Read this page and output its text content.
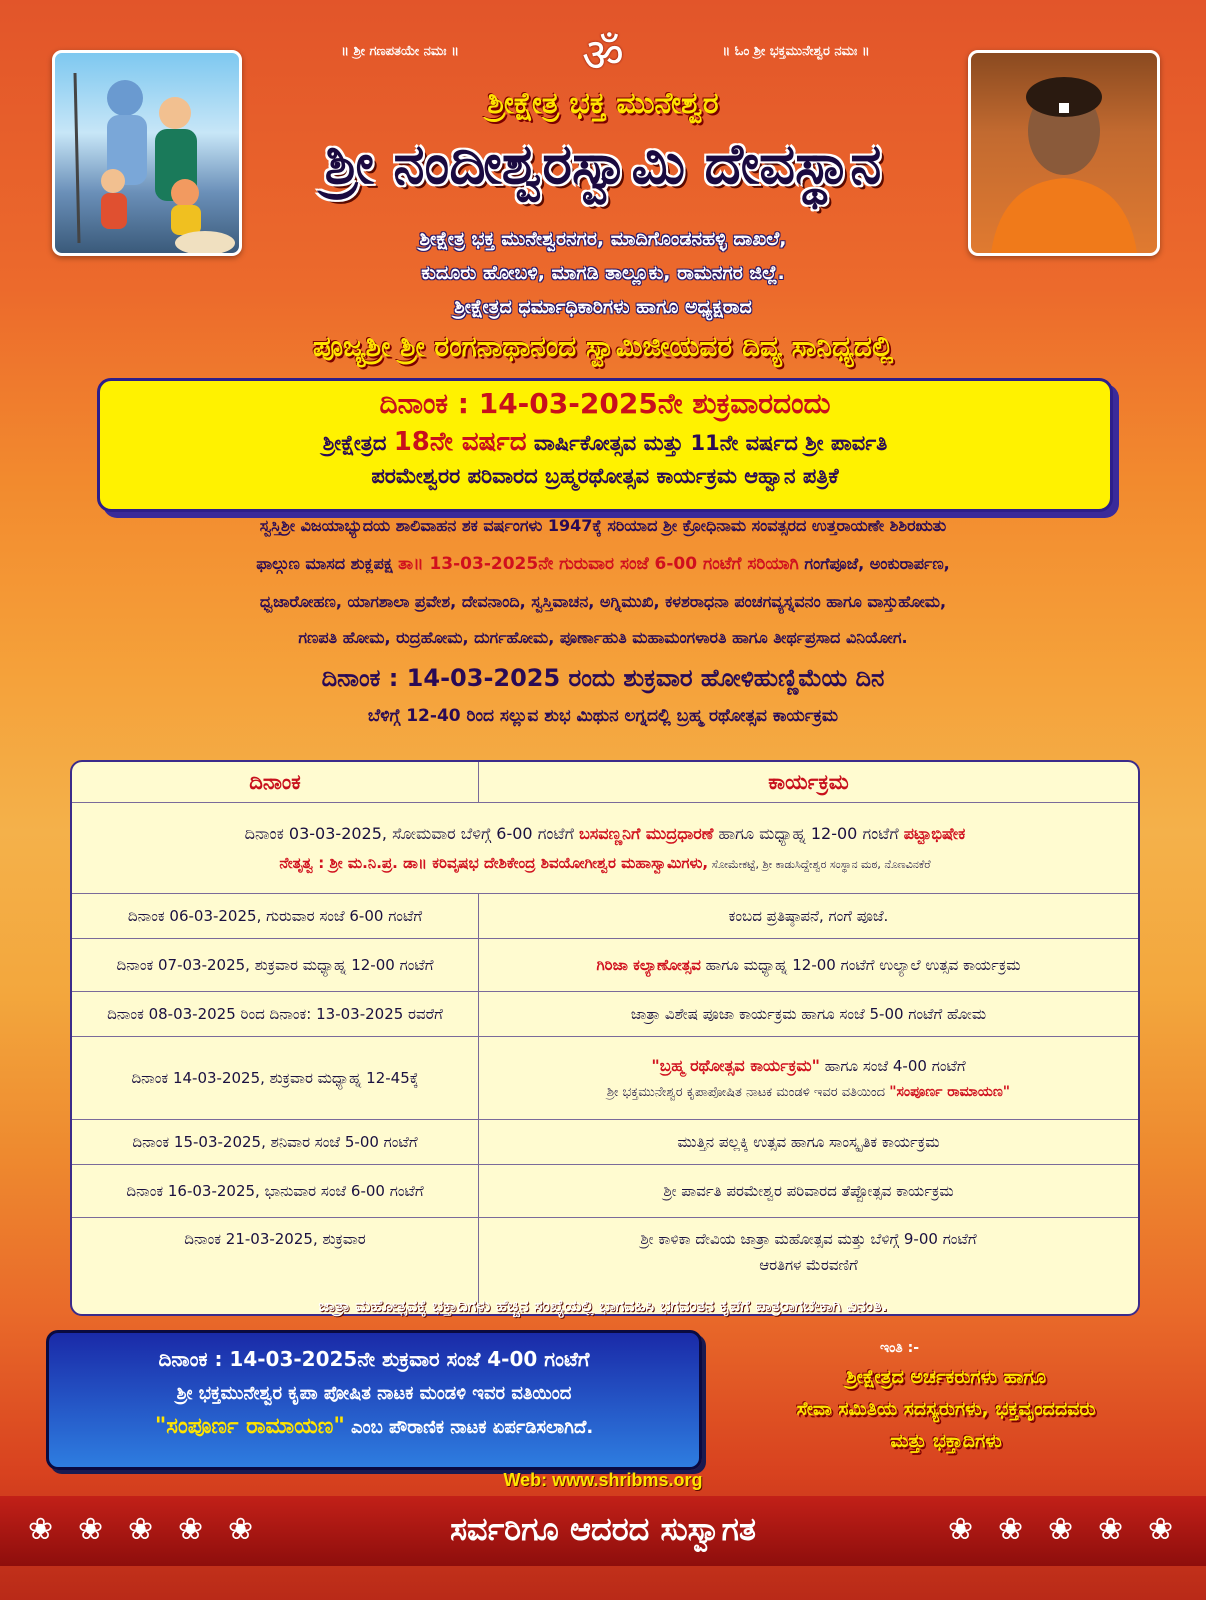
॥ ಶ್ರೀ ಗಣಪತಯೇ ನಮಃ ॥	॥ ಓಂ ಶ್ರೀ ಭಕ್ತಮುನೇಶ್ವರ ನಮಃ ॥
ॐ
ಶ್ರೀಕ್ಷೇತ್ರ ಭಕ್ತ ಮುನೇಶ್ವರ
ಶ್ರೀ ನಂದೀಶ್ವರಸ್ವಾಮಿ ದೇವಸ್ಥಾನ
ಶ್ರೀಕ್ಷೇತ್ರ ಭಕ್ತ ಮುನೇಶ್ವರನಗರ, ಮಾದಿಗೊಂಡನಹಳ್ಳಿ ದಾಖಲೆ,
ಕುದೂರು ಹೋಬಳಿ, ಮಾಗಡಿ ತಾಲ್ಲೂಕು, ರಾಮನಗರ ಜಿಲ್ಲೆ.
ಶ್ರೀಕ್ಷೇತ್ರದ ಧರ್ಮಾಧಿಕಾರಿಗಳು ಹಾಗೂ ಅಧ್ಯಕ್ಷರಾದ
ಪೂಜ್ಯಶ್ರೀ ಶ್ರೀ ರಂಗನಾಥಾನಂದ ಸ್ವಾಮಿಜೀಯವರ ದಿವ್ಯ ಸಾನಿಧ್ಯದಲ್ಲಿ
ದಿನಾಂಕ : 14-03-2025ನೇ ಶುಕ್ರವಾರದಂದು
ಶ್ರೀಕ್ಷೇತ್ರದ 18ನೇ ವರ್ಷದ ವಾರ್ಷಿಕೋತ್ಸವ ಮತ್ತು 11ನೇ ವರ್ಷದ ಶ್ರೀ ಪಾರ್ವತಿ
ಪರಮೇಶ್ವರರ ಪರಿವಾರದ ಬ್ರಹ್ಮರಥೋತ್ಸವ ಕಾರ್ಯಕ್ರಮ ಆಹ್ವಾನ ಪತ್ರಿಕೆ
ಸ್ವಸ್ತಿಶ್ರೀ ವಿಜಯಾಭ್ಯುದಯ ಶಾಲಿವಾಹನ ಶಕ ವರ್ಷಂಗಳು 1947ಕ್ಕೆ ಸರಿಯಾದ ಶ್ರೀ ಕ್ರೋಧಿನಾಮ ಸಂವತ್ಸರದ ಉತ್ತರಾಯಣೇ ಶಿಶಿರಋತು
ಫಾಲ್ಗುಣ ಮಾಸದ ಶುಕ್ಲಪಕ್ಷ ತಾ॥ 13-03-2025ನೇ ಗುರುವಾರ ಸಂಜೆ 6-00 ಗಂಟೆಗೆ ಸರಿಯಾಗಿ ಗಂಗೆಪೂಜೆ, ಅಂಕುರಾರ್ಪಣ,
ಧ್ವಜಾರೋಹಣ, ಯಾಗಶಾಲಾ ಪ್ರವೇಶ, ದೇವನಾಂದಿ, ಸ್ವಸ್ತಿವಾಚನ, ಅಗ್ನಿಮುಖಿ, ಕಳಶರಾಧನಾ ಪಂಚಗವ್ಯಸ್ನವನಂ ಹಾಗೂ ವಾಸ್ತುಹೋಮ,
ಗಣಪತಿ ಹೋಮ, ರುದ್ರಹೋಮ, ದುರ್ಗಹೋಮ, ಪೂರ್ಣಾಹುತಿ ಮಹಾಮಂಗಳಾರತಿ ಹಾಗೂ ತೀರ್ಥಪ್ರಸಾದ ವಿನಿಯೋಗ.
ದಿನಾಂಕ : 14-03-2025 ರಂದು ಶುಕ್ರವಾರ ಹೋಳಿಹುಣ್ಣಿಮೆಯ ದಿನ
ಬೆಳಿಗ್ಗೆ 12-40 ರಿಂದ ಸಲ್ಲುವ ಶುಭ ಮಿಥುನ ಲಗ್ನದಲ್ಲಿ ಬ್ರಹ್ಮ ರಥೋತ್ಸವ ಕಾರ್ಯಕ್ರಮ
ದಿನಾಂಕ	ಕಾರ್ಯಕ್ರಮ

ದಿನಾಂಕ 03-03-2025, ಸೋಮವಾರ ಬೆಳಿಗ್ಗೆ 6-00 ಗಂಟೆಗೆ ಬಸವಣ್ಣನಿಗೆ ಮುದ್ರಧಾರಣೆ ಹಾಗೂ ಮಧ್ಯಾಹ್ನ 12-00 ಗಂಟೆಗೆ ಪಟ್ಟಾಭಿಷೇಕ
ನೇತೃತ್ವ : ಶ್ರೀ ಮ.ನಿ.ಪ್ರ. ಡಾ॥ ಕರಿವೃಷಭ ದೇಶಿಕೇಂದ್ರ ಶಿವಯೋಗೀಶ್ವರ ಮಹಾಸ್ವಾಮಿಗಳು, ಸೋಮೇಕಟ್ಟೆ, ಶ್ರೀ ಕಾಡುಸಿದ್ದೇಶ್ವರ ಸಂಸ್ಥಾನ ಮಠ, ನೊಣವಿನಕೆರೆ	

ದಿನಾಂಕ 06-03-2025, ಗುರುವಾರ ಸಂಜೆ 6-00 ಗಂಟೆಗೆ	ಕಂಬದ ಪ್ರತಿಷ್ಠಾಪನೆ, ಗಂಗೆ ಪೂಜೆ.
ದಿನಾಂಕ 07-03-2025, ಶುಕ್ರವಾರ ಮಧ್ಯಾಹ್ನ 12-00 ಗಂಟೆಗೆ	ಗಿರಿಜಾ ಕಲ್ಯಾಣೋತ್ಸವ ಹಾಗೂ ಮಧ್ಯಾಹ್ನ 12-00 ಗಂಟೆಗೆ ಉಲ್ಯಾಲೆ ಉತ್ಸವ ಕಾರ್ಯಕ್ರಮ
ದಿನಾಂಕ 08-03-2025 ರಿಂದ ದಿನಾಂಕ: 13-03-2025 ರವರೆಗೆ	ಜಾತ್ರಾ ವಿಶೇಷ ಪೂಜಾ ಕಾರ್ಯಕ್ರಮ ಹಾಗೂ ಸಂಜೆ 5-00 ಗಂಟೆಗೆ ಹೋಮ
ದಿನಾಂಕ 14-03-2025, ಶುಕ್ರವಾರ ಮಧ್ಯಾಹ್ನ 12-45ಕ್ಕೆ	"ಬ್ರಹ್ಮ ರಥೋತ್ಸವ ಕಾರ್ಯಕ್ರಮ" ಹಾಗೂ ಸಂಜೆ 4-00 ಗಂಟೆಗೆ
ಶ್ರೀ ಭಕ್ತಮುನೇಶ್ವರ ಕೃಪಾಪೋಷಿತ ನಾಟಕ ಮಂಡಳಿ ಇವರ ವತಿಯಿಂದ "ಸಂಪೂರ್ಣ ರಾಮಾಯಣ"

ದಿನಾಂಕ 15-03-2025, ಶನಿವಾರ ಸಂಜೆ 5-00 ಗಂಟೆಗೆ	ಮುತ್ತಿನ ಪಲ್ಲಕ್ಕಿ ಉತ್ಸವ ಹಾಗೂ ಸಾಂಸ್ಕೃತಿಕ ಕಾರ್ಯಕ್ರಮ
ದಿನಾಂಕ 16-03-2025, ಭಾನುವಾರ ಸಂಜೆ 6-00 ಗಂಟೆಗೆ	ಶ್ರೀ ಪಾರ್ವತಿ ಪರಮೇಶ್ವರ ಪರಿವಾರದ ತೆಪ್ಪೋತ್ಸವ ಕಾರ್ಯಕ್ರಮ
ದಿನಾಂಕ 21-03-2025, ಶುಕ್ರವಾರ	ಶ್ರೀ ಕಾಳಿಕಾ ದೇವಿಯ ಜಾತ್ರಾ ಮಹೋತ್ಸವ ಮತ್ತು ಬೆಳಿಗ್ಗೆ 9-00 ಗಂಟೆಗೆ
ಆರತಿಗಳ ಮೆರವಣಿಗೆ
ಜಾತ್ರಾ ಮಹೋತ್ಸವಕ್ಕೆ ಭಕ್ತಾದಿಗಳು ಹೆಚ್ಚಿನ ಸಂಖ್ಯೆಯಲ್ಲಿ ಭಾಗವಹಿಸಿ ಭಗವಂತನ ಕೃಪೆಗೆ ಪಾತ್ರರಾಗಬೇಕಾಗಿ ವಿನಂತಿ.
ದಿನಾಂಕ : 14-03-2025ನೇ ಶುಕ್ರವಾರ ಸಂಜೆ 4-00 ಗಂಟೆಗೆ
ಶ್ರೀ ಭಕ್ತಮುನೇಶ್ವರ ಕೃಪಾ ಪೋಷಿತ ನಾಟಕ ಮಂಡಳಿ ಇವರ ವತಿಯಿಂದ
"ಸಂಪೂರ್ಣ ರಾಮಾಯಣ" ಎಂಬ ಪೌರಾಣಿಕ ನಾಟಕ ಏರ್ಪಡಿಸಲಾಗಿದೆ.
ಇಂತಿ :-
ಶ್ರೀಕ್ಷೇತ್ರದ ಅರ್ಚಕರುಗಳು ಹಾಗೂ
ಸೇವಾ ಸಮಿತಿಯ ಸದಸ್ಯರುಗಳು, ಭಕ್ತವೃಂದದವರು
ಮತ್ತು ಭಕ್ತಾದಿಗಳು
Web: www.shribms.org
❀ ❀ ❀ ❀ ❀	ಸರ್ವರಿಗೂ ಆದರದ ಸುಸ್ವಾಗತ	❀ ❀ ❀ ❀ ❀
